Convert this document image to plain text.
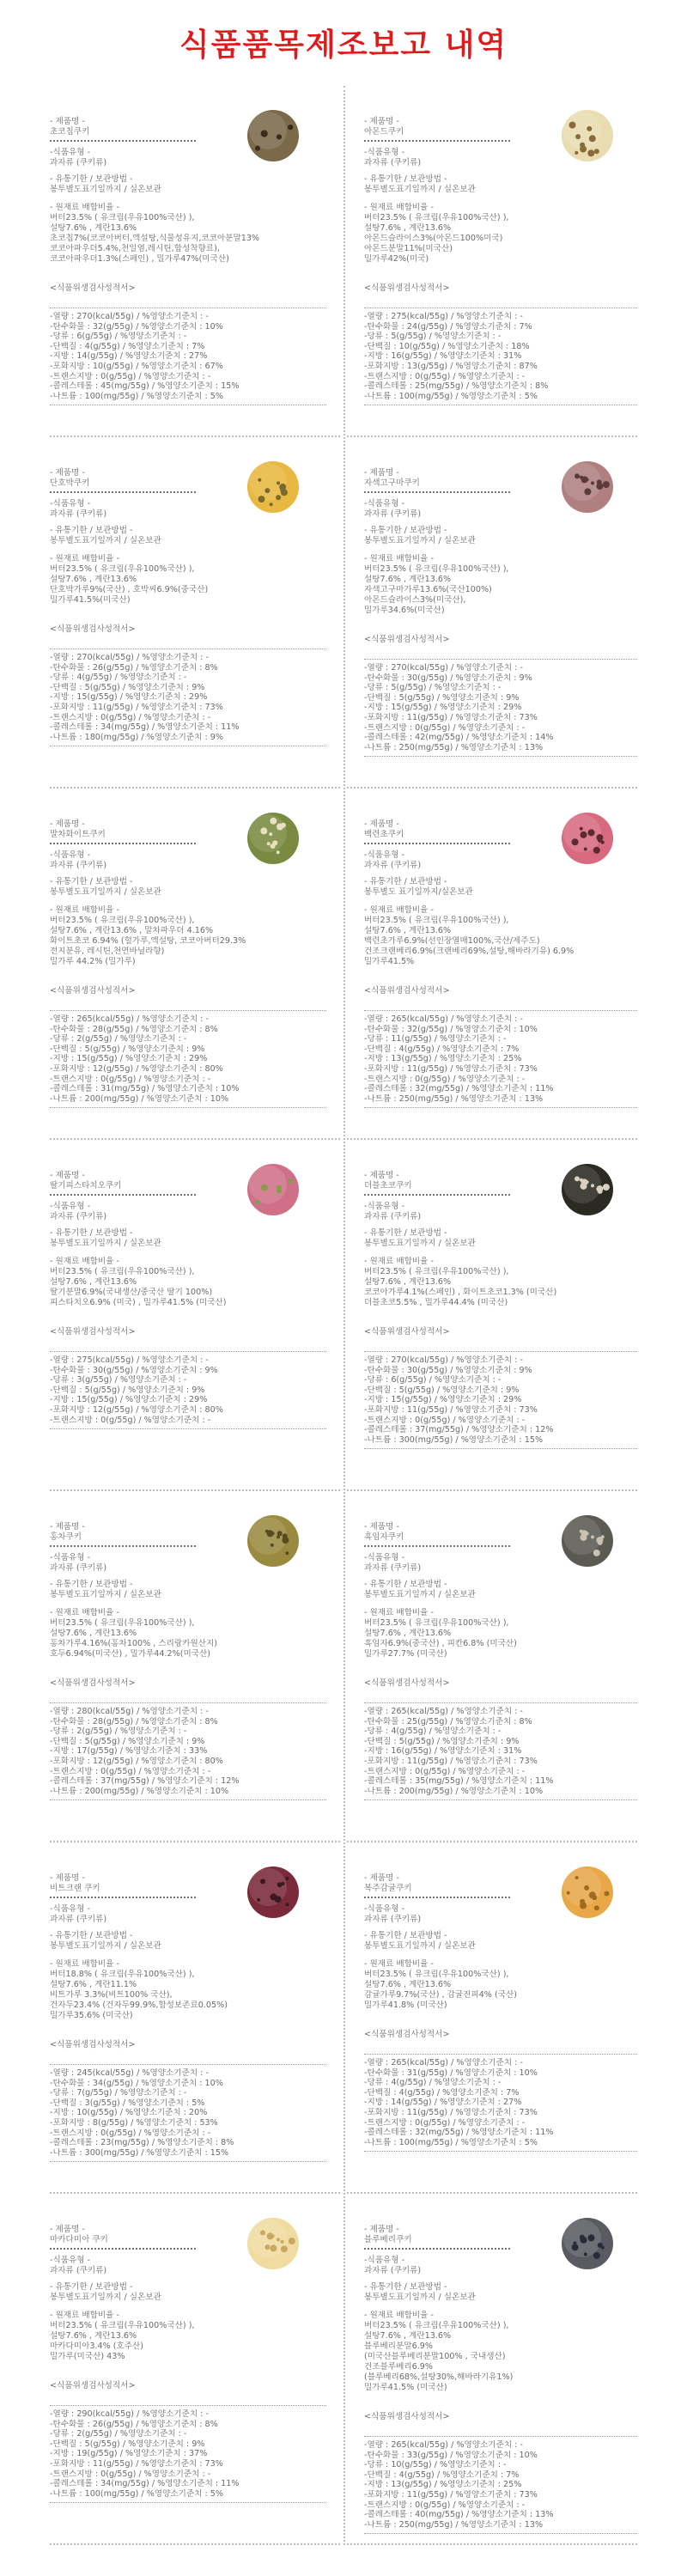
식품품목제조보고 내역
- 제품명 -
초코칩쿠키
-식품유형 -
과자류 (쿠키류)
- 유통기한 / 보관방법 -
봉투별도표기일까지 / 실온보관
- 원재료 배합비율 -
버터23.5% ( 유크림(우유100%국산) ),
설탕7.6% , 계란13.6%
초코칩7%(코코아버터,엑설탕,식물성유지,코코아분말13%
코코아파우더5.4%,천일염,레시틴,합성착향료),
코코아파우더1.3%(스페인) , 밀가루47%(미국산)
<식품위생검사성적서>
-열량 : 270(kcal/55g) / %영양소기준치 : -
-탄수화물 : 32(g/55g) / %영양소기준치 : 10%
-당류 : 6(g/55g) / %영양소기준치 : -
-단백질 : 4(g/55g) / %영양소기준치 : 7%
-지방 : 14(g/55g) / %영양소기준치 : 27%
-포화지방 : 10(g/55g) / %영양소기준치 : 67%
-트랜스지방 : 0(g/55g) / %영양소기준치 : -
-콜레스테롤 : 45(mg/55g) / %영양소기준치 : 15%
-나트륨 : 100(mg/55g) / %영양소기준치 : 5%
- 제품명 -
아몬드쿠키
-식품유형 -
과자류 (쿠키류)
- 유통기한 / 보관방법 -
봉투별도표기일까지 / 실온보관
- 원재료 배합비율 -
버터23.5% ( 유크림(우유100%국산) ),
설탕7.6% , 계란13.6%
아몬드슬라이스3%(아몬드100%미국)
아몬드분말11%(미국산)
밀가루42%(미국)
<식품위생검사성적서>
-열량 : 275(kcal/55g) / %영양소기준치 : -
-탄수화물 : 24(g/55g) / %영양소기준치 : 7%
-당류 : 5(g/55g) / %영양소기준치 : -
-단백질 : 10(g/55g) / %영양소기준치 : 18%
-지방 : 16(g/55g) / %영양소기준치 : 31%
-포화지방 : 13(g/55g) / %영양소기준치 : 87%
-트랜스지방 : 0(g/55g) / %영양소기준치 : -
-콜레스테롤 : 25(mg/55g) / %영양소기준치 : 8%
-나트륨 : 100(mg/55g) / %영양소기준치 : 5%
- 제품명 -
단호박쿠키
-식품유형 -
과자류 (쿠키류)
- 유통기한 / 보관방법 -
봉투별도표기일까지 / 실온보관
- 원재료 배합비율 -
버터23.5% ( 유크림(우유100%국산) ),
설탕7.6% , 계란13.6%
단호박가루9%(국산) , 호박씨6.9%(중국산)
밀가루41.5%(미국산)
<식품위생검사성적서>
-열량 : 270(kcal/55g) / %영양소기준치 : -
-탄수화물 : 26(g/55g) / %영양소기준치 : 8%
-당류 : 4(g/55g) / %영양소기준치 : -
-단백질 : 5(g/55g) / %영양소기준치 : 9%
-지방 : 15(g/55g) / %영양소기준치 : 29%
-포화지방 : 11(g/55g) / %영양소기준치 : 73%
-트랜스지방 : 0(g/55g) / %영양소기준치 : -
-콜레스테롤 : 34(mg/55g) / %영양소기준치 : 11%
-나트륨 : 180(mg/55g) / %영양소기준치 : 9%
- 제품명 -
자색고구마쿠키
-식품유형 -
과자류 (쿠키류)
- 유통기한 / 보관방법 -
봉투별도표기일까지 / 실온보관
- 원재료 배합비율 -
버터23.5% ( 유크림(우유100%국산) ),
설탕7.6% , 계란13.6%
자색고구마가루13.6%(국산100%)
아몬드슬라이스3%(미국산),
밀가루34.6%(미국산)
<식품위생검사성적서>
-열량 : 270(kcal/55g) / %영양소기준치 : -
-탄수화물 : 30(g/55g) / %영양소기준치 : 9%
-당류 : 5(g/55g) / %영양소기준치 : -
-단백질 : 5(g/55g) / %영양소기준치 : 9%
-지방 : 15(g/55g) / %영양소기준치 : 29%
-포화지방 : 11(g/55g) / %영양소기준치 : 73%
-트랜스지방 : 0(g/55g) / %영양소기준치 : -
-콜레스테롤 : 42(mg/55g) / %영양소기준치 : 14%
-나트륨 : 250(mg/55g) / %영양소기준치 : 13%
- 제품명 -
말차화이트쿠키
-식품유형 -
과자류 (쿠키류)
- 유통기한 / 보관방법 -
봉투별도표기일까지 / 실온보관
- 원재료 배합비율 -
버터23.5% ( 유크림(우유100%국산) ),
설탕7.6% , 계란13.6% , 말차파우더 4.16%
화이트초코 6.94% (헐가루,엑설탕, 코코아버터29.3%
전지분유, 레시틴,천연바닐라향)
밀가루 44.2% (밀가루)
<식품위생검사성적서>
-열량 : 265(kcal/55g) / %영양소기준치 : -
-탄수화물 : 28(g/55g) / %영양소기준치 : 8%
-당류 : 2(g/55g) / %영양소기준치 : -
-단백질 : 5(g/55g) / %영양소기준치 : 9%
-지방 : 15(g/55g) / %영양소기준치 : 29%
-포화지방 : 12(g/55g) / %영양소기준치 : 80%
-트랜스지방 : 0(g/55g) / %영양소기준치 : -
-콜레스테롤 : 31(mg/55g) / %영양소기준치 : 10%
-나트륨 : 200(mg/55g) / %영양소기준치 : 10%
- 제품명 -
백련초쿠키
-식품유형 -
과자류 (쿠키류)
- 유통기한 / 보관방법 -
봉투별도 표기일까지/실온보관
- 원재료 배합비율 -
버터23.5% ( 유크림(우유100%국산) ),
설탕7.6% , 계란13.6%
백련초가루6.9%(선인장열매100%,국산/제주도)
건조크랜베리6.9%(크랜베리69%,설탕,해바라기유) 6.9%
밀가루41.5%
<식품위생검사성적서>
-열량 : 265(kcal/55g) / %영양소기준치 : -
-탄수화물 : 32(g/55g) / %영양소기준치 : 10%
-당류 : 11(g/55g) / %영양소기준치 : -
-단백질 : 4(g/55g) / %영양소기준치 : 7%
-지방 : 13(g/55g) / %영양소기준치 : 25%
-포화지방 : 11(g/55g) / %영양소기준치 : 73%
-트랜스지방 : 0(g/55g) / %영양소기준치 : -
-콜레스테롤 : 32(mg/55g) / %영양소기준치 : 11%
-나트륨 : 250(mg/55g) / %영양소기준치 : 13%
- 제품명 -
딸기피스타치오쿠키
-식품유형 -
과자류 (쿠키류)
- 유통기한 / 보관방법 -
봉투별도표기일까지 / 실온보관
- 원재료 배합비율 -
버터23.5% ( 유크림(우유100%국산) ),
설탕7.6% , 계란13.6%
딸기분말6.9%(국내생산/중국산 딸기 100%)
피스타치오6.9% (미국) , 밀가루41.5% (미국산)
<식품위생검사성적서>
-열량 : 275(kcal/55g) / %영양소기준치 : -
-탄수화물 : 30(g/55g) / %영양소기준치 : 9%
-당류 : 3(g/55g) / %영양소기준치 : -
-단백질 : 5(g/55g) / %영양소기준치 : 9%
-지방 : 15(g/55g) / %영양소기준치 : 29%
-포화지방 : 12(g/55g) / %영양소기준치 : 80%
-트랜스지방 : 0(g/55g) / %영양소기준치 : -
- 제품명 -
더블초코쿠키
-식품유형 -
과자류 (쿠키류)
- 유통기한 / 보관방법 -
봉투별도표기일까지 / 실온보관
- 원재료 배합비율 -
버터23.5% ( 유크림(우유100%국산) ),
설탕7.6% , 계란13.6%
코코아가루4.1%(스페인) , 화이트초코1.3% (미국산)
더블초코5.5% , 밀가루44.4% (미국산)
<식품위생검사성적서>
-열량 : 270(kcal/55g) / %영양소기준치 : -
-탄수화물 : 30(g/55g) / %영양소기준치 : 9%
-당류 : 6(g/55g) / %영양소기준치 : -
-단백질 : 5(g/55g) / %영양소기준치 : 9%
-지방 : 15(g/55g) / %영양소기준치 : 29%
-포화지방 : 11(g/55g) / %영양소기준치 : 73%
-트랜스지방 : 0(g/55g) / %영양소기준치 : -
-콜레스테롤 : 37(mg/55g) / %영양소기준치 : 12%
-나트륨 : 300(mg/55g) / %영양소기준치 : 15%
- 제품명 -
홍차쿠키
-식품유형 -
과자류 (쿠키류)
- 유통기한 / 보관방법 -
봉투별도표기일까지 / 실온보관
- 원재료 배합비율 -
버터23.5% ( 유크림(우유100%국산) ),
설탕7.6% , 계란13.6%
홍차가루4.16%(홍차100% , 스리랑카원산지)
호두6.94%(미국산) , 밀가루44.2%(미국산)
<식품위생검사성적서>
-열량 : 280(kcal/55g) / %영양소기준치 : -
-탄수화물 : 28(g/55g) / %영양소기준치 : 8%
-당류 : 2(g/55g) / %영양소기준치 : -
-단백질 : 5(g/55g) / %영양소기준치 : 9%
-지방 : 17(g/55g) / %영양소기준치 : 33%
-포화지방 : 12(g/55g) / %영양소기준치 : 80%
-트랜스지방 : 0(g/55g) / %영양소기준치 : -
-콜레스테롤 : 37(mg/55g) / %영양소기준치 : 12%
-나트륨 : 200(mg/55g) / %영양소기준치 : 10%
- 제품명 -
흑임자쿠키
-식품유형 -
과자류 (쿠키류)
- 유통기한 / 보관방법 -
봉투별도표기일까지 / 실온보관
- 원재료 배합비율 -
버터23.5% ( 유크림(우유100%국산) ),
설탕7.6% , 계란13.6%
흑임자6.9%(중국산) , 피칸6.8% (미국산)
밀가루27.7% (미국산)
<식품위생검사성적서>
-열량 : 265(kcal/55g) / %영양소기준치 : -
-탄수화물 : 25(g/55g) / %영양소기준치 : 8%
-당류 : 4(g/55g) / %영양소기준치 : -
-단백질 : 5(g/55g) / %영양소기준치 : 9%
-지방 : 16(g/55g) / %영양소기준치 : 31%
-포화지방 : 11(g/55g) / %영양소기준치 : 73%
-트랜스지방 : 0(g/55g) / %영양소기준치 : -
-콜레스테롤 : 35(mg/55g) / %영양소기준치 : 11%
-나트륨 : 200(mg/55g) / %영양소기준치 : 10%
- 제품명 -
비트크랜 쿠키
-식품유형 -
과자류 (쿠키류)
- 유통기한 / 보관방법 -
봉투별도표기일까지 / 실온보관
- 원재료 배합비율 -
버터18.8% ( 유크림(우유100%국산) ),
설탕7.6% , 계란11.1%
비트가루 3.3%(비트100% 국산),
건자두23.4% (건자두99.9%,합성보존료0.05%)
밀가루35.6% (미국산)
<식품위생검사성적서>
-열량 : 245(kcal/55g) / %영양소기준치 : -
-탄수화물 : 34(g/55g) / %영양소기준치 : 10%
-당류 : 7(g/55g) / %영양소기준치 : -
-단백질 : 3(g/55g) / %영양소기준치 : 5%
-지방 : 10(g/55g) / %영양소기준치 : 20%
-포화지방 : 8(g/55g) / %영양소기준치 : 53%
-트랜스지방 : 0(g/55g) / %영양소기준치 : -
-콜레스테롤 : 23(mg/55g) / %영양소기준치 : 8%
-나트륨 : 300(mg/55g) / %영양소기준치 : 15%
- 제품명 -
복주감귤쿠키
-식품유형 -
과자류 (쿠키류)
- 유통기한 / 보관방법 -
봉투별도표기일까지 / 실온보관
- 원재료 배합비율 -
버터23.5% ( 유크림(우유100%국산) ),
설탕7.6% , 계란13.6%
감귤가루9.7%(국산) , 감귤진피4% (국산)
밀가루41.8% (미국산)
<식품위생검사성적서>
-열량 : 265(kcal/55g) / %영양소기준치 : -
-탄수화물 : 31(g/55g) / %영양소기준치 : 10%
-당류 : 4(g/55g) / %영양소기준치 : -
-단백질 : 4(g/55g) / %영양소기준치 : 7%
-지방 : 14(g/55g) / %영양소기준치 : 27%
-포화지방 : 11(g/55g) / %영양소기준치 : 73%
-트랜스지방 : 0(g/55g) / %영양소기준치 : -
-콜레스테롤 : 32(mg/55g) / %영양소기준치 : 11%
-나트륨 : 100(mg/55g) / %영양소기준치 : 5%
- 제품명 -
마카다미아 쿠키
-식품유형 -
과자류 (쿠키류)
- 유통기한 / 보관방법 -
봉투별도표기일까지 / 실온보관
- 원재료 배합비율 -
버터23.5% ( 유크림(우유100%국산) ),
설탕7.6% , 계란13.6%
마카다미아3.4% (호주산)
밀가루(미국산) 43%
<식품위생검사성적서>
-열량 : 290(kcal/55g) / %영양소기준치 : -
-탄수화물 : 26(g/55g) / %영양소기준치 : 8%
-당류 : 2(g/55g) / %영양소기준치 : -
-단백질 : 5(g/55g) / %영양소기준치 : 9%
-지방 : 19(g/55g) / %영양소기준치 : 37%
-포화지방 : 11(g/55g) / %영양소기준치 : 73%
-트랜스지방 : 0(g/55g) / %영양소기준치 : -
-콜레스테롤 : 34(mg/55g) / %영양소기준치 : 11%
-나트륨 : 100(mg/55g) / %영양소기준치 : 5%
- 제품명 -
블루베리쿠키
-식품유형 -
과자류 (쿠키류)
- 유통기한 / 보관방법 -
봉투별도표기일까지 / 실온보관
- 원재료 배합비율 -
버터23.5% ( 유크림(우유100%국산) ),
설탕7.6% , 계란13.6%
블루베리분말6.9%
(미국산블루베리분말100% , 국내생산)
건조블루베리6.9%
(블루베리68%,설탕30%,해바라기유1%)
밀가루41.5% (미국산)
<식품위생검사성적서>
-열량 : 265(kcal/55g) / %영양소기준치 : -
-탄수화물 : 33(g/55g) / %영양소기준치 : 10%
-당류 : 10(g/55g) / %영양소기준치 : -
-단백질 : 4(g/55g) / %영양소기준치 : 7%
-지방 : 13(g/55g) / %영양소기준치 : 25%
-포화지방 : 11(g/55g) / %영양소기준치 : 73%
-트랜스지방 : 0(g/55g) / %영양소기준치 : -
-콜레스테롤 : 40(mg/55g) / %영양소기준치 : 13%
-나트륨 : 250(mg/55g) / %영양소기준치 : 13%
